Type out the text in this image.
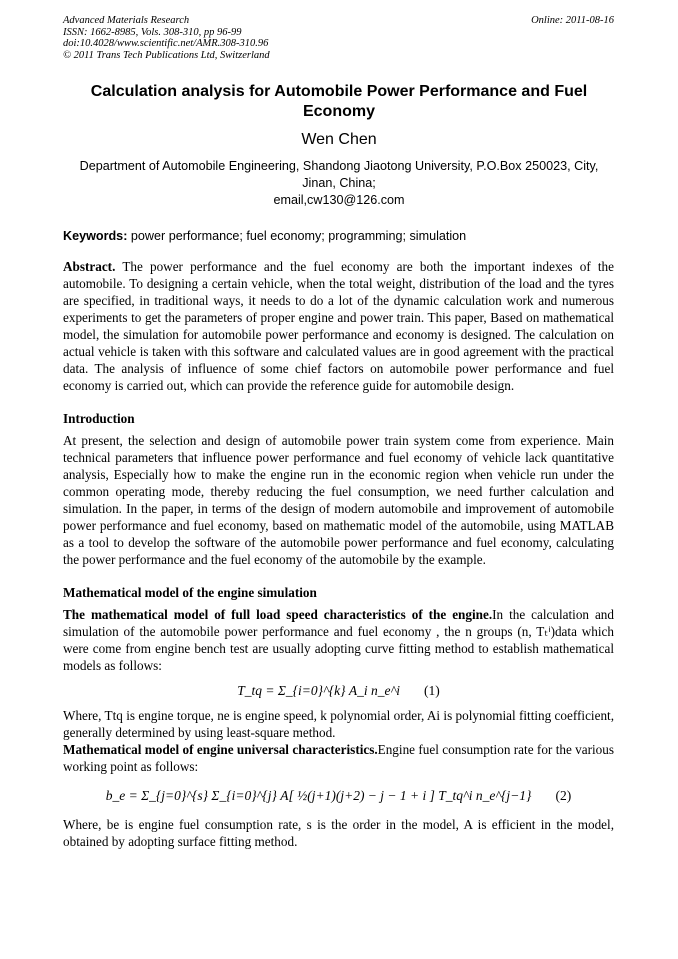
Advanced Materials Research
ISSN: 1662-8985, Vols. 308-310, pp 96-99
doi:10.4028/www.scientific.net/AMR.308-310.96
© 2011 Trans Tech Publications Ltd, Switzerland
Online: 2011-08-16
Calculation analysis for Automobile Power Performance and Fuel Economy
Wen Chen
Department of Automobile Engineering, Shandong Jiaotong University, P.O.Box 250023, City, Jinan, China;
email,cw130@126.com
Keywords: power performance; fuel economy; programming; simulation

Abstract. The power performance and the fuel economy are both the important indexes of the automobile. To designing a certain vehicle, when the total weight, distribution of the load and the tyres are specified, in traditional ways, it needs to do a lot of the dynamic calculation work and numerous experiments to get the parameters of proper engine and power train. This paper, Based on mathematical model, the simulation for automobile power performance and economy is designed. The calculation on actual vehicle is taken with this software and calculated values are in good agreement with the practical data. The analysis of influence of some chief factors on automobile power performance and fuel economy is carried out, which can provide the reference guide for automobile design.

Introduction

At present, the selection and design of automobile power train system come from experience. Main technical parameters that influence power performance and fuel economy of vehicle lack quantitative analysis, Especially how to make the engine run in the economic region when vehicle run under the common operating mode, thereby reducing the fuel consumption, we need further calculation and simulation. In the paper, in terms of the design of modern automobile and improvement of automobile power performance and fuel economy, based on mathematic model of the automobile, using MATLAB as a tool to develop the software of the automobile power performance and fuel economy, calculating the power performance and the fuel economy of the automobile by the example.

Mathematical model of the engine simulation

The mathematical model of full load speed characteristics of the engine.In the calculation and simulation of the automobile power performance and fuel economy , the n groups (n, Tₜⁱ)data which were come from engine bench test are usually adopting curve fitting method to establish mathematical models as follows:

T_tq = Σ_{i=0}^{k} A_i n_e^i (1)

Where, Ttq is engine torque, ne is engine speed, k polynomial order, Ai is polynomial fitting coefficient, generally determined by using least-square method.

Mathematical model of engine universal characteristics.Engine fuel consumption rate for the various working point as follows:

b_e = Σ_{j=0}^{s} Σ_{i=0}^{j} A[ ½(j+1)(j+2) − j − 1 + i ] T_tq^i n_e^{j−1} (2)

Where, be is engine fuel consumption rate, s is the order in the model, A is efficient in the model, obtained by adopting surface fitting method.
